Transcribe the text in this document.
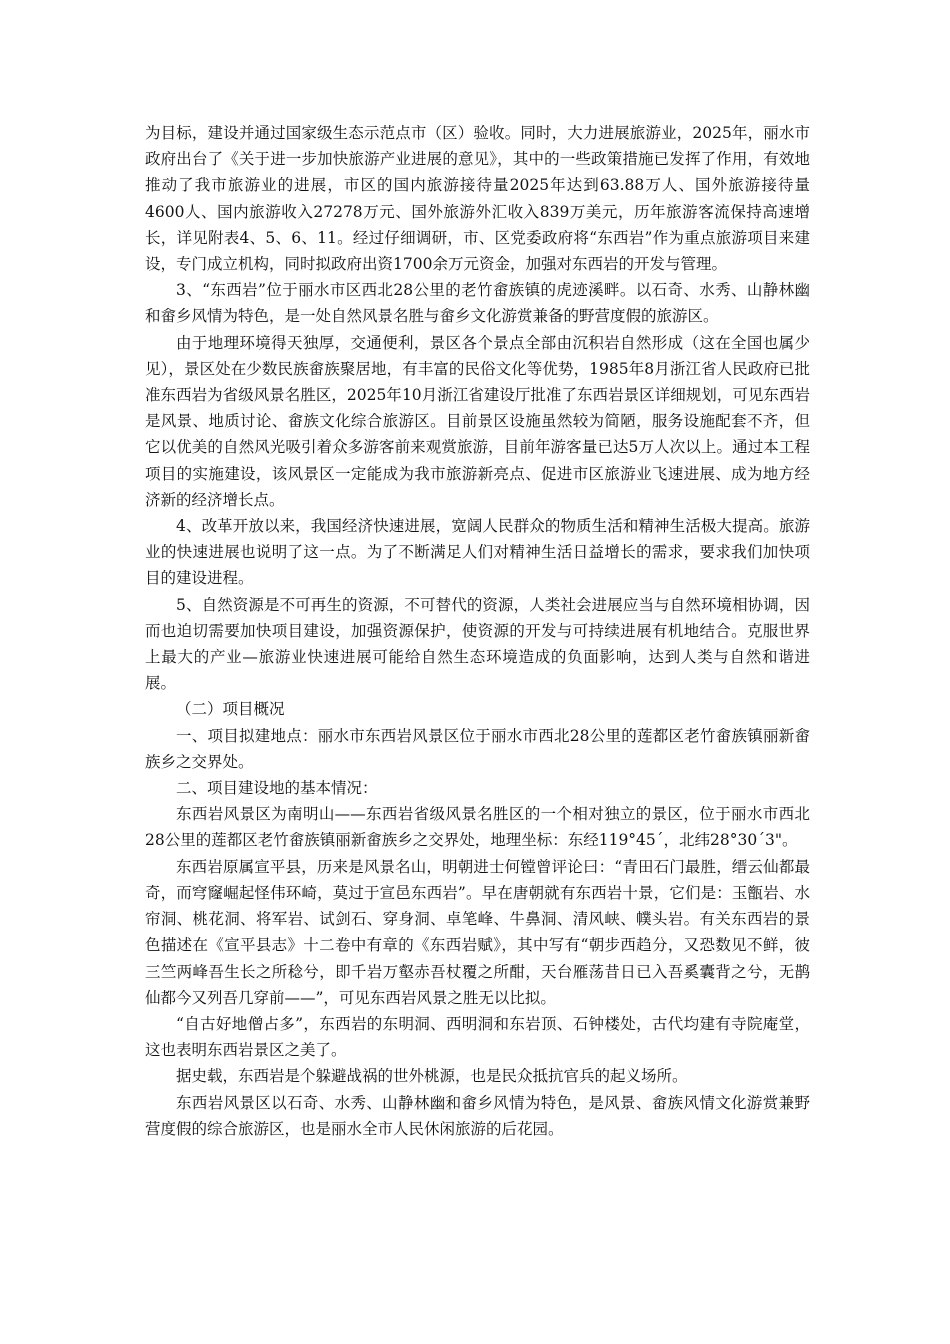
为目标，建设并通过国家级生态示范点市（区）验收。同时，大力进展旅游业，2025年，丽水市政府出台了《关于进一步加快旅游产业进展的意见》，其中的一些政策措施已发挥了作用，有效地推动了我市旅游业的进展，市区的国内旅游接待量2025年达到63.88万人、国外旅游接待量4600人、国内旅游收入27278万元、国外旅游外汇收入839万美元，历年旅游客流保持高速增长，详见附表4、5、6、11。经过仔细调研，市、区党委政府将“东西岩”作为重点旅游项目来建设，专门成立机构，同时拟政府出资1700余万元资金，加强对东西岩的开发与管理。

3、“东西岩”位于丽水市区西北28公里的老竹畲族镇的虎迹溪畔。以石奇、水秀、山静林幽和畲乡风情为特色，是一处自然风景名胜与畲乡文化游赏兼备的野营度假的旅游区。

由于地理环境得天独厚，交通便利，景区各个景点全部由沉积岩自然形成（这在全国也属少见），景区处在少数民族畲族聚居地，有丰富的民俗文化等优势，1985年8月浙江省人民政府已批准东西岩为省级风景名胜区，2025年10月浙江省建设厅批准了东西岩景区详细规划，可见东西岩是风景、地质讨论、畲族文化综合旅游区。目前景区设施虽然较为简陋，服务设施配套不齐，但它以优美的自然风光吸引着众多游客前来观赏旅游，目前年游客量已达5万人次以上。通过本工程项目的实施建设，该风景区一定能成为我市旅游新亮点、促进市区旅游业飞速进展、成为地方经济新的经济增长点。

4、改革开放以来，我国经济快速进展，宽阔人民群众的物质生活和精神生活极大提高。旅游业的快速进展也说明了这一点。为了不断满足人们对精神生活日益增长的需求，要求我们加快项目的建设进程。

5、自然资源是不可再生的资源，不可替代的资源，人类社会进展应当与自然环境相协调，因而也迫切需要加快项目建设，加强资源保护，使资源的开发与可持续进展有机地结合。克服世界上最大的产业—旅游业快速进展可能给自然生态环境造成的负面影响，达到人类与自然和谐进展。

（二）项目概况

一、项目拟建地点：丽水市东西岩风景区位于丽水市西北28公里的莲都区老竹畲族镇丽新畲族乡之交界处。

二、项目建设地的基本情况：

东西岩风景区为南明山——东西岩省级风景名胜区的一个相对独立的景区，位于丽水市西北28公里的莲都区老竹畲族镇丽新畲族乡之交界处，地理坐标：东经119°45´，北纬28°30´3"。

东西岩原属宣平县，历来是风景名山，明朝进士何镗曾评论曰：“青田石门最胜，缙云仙都最奇，而穹窿崛起怪伟环崎，莫过于宣邑东西岩”。早在唐朝就有东西岩十景，它们是：玉甑岩、水帘洞、桃花洞、将军岩、试剑石、穿身洞、卓笔峰、牛鼻洞、清风峡、幞头岩。有关东西岩的景色描述在《宣平县志》十二卷中有章的《东西岩赋》，其中写有“朝步西趋分，又恐数见不鲜，彼三竺两峰吾生长之所稔兮，即千岩万壑赤吾杖覆之所酣，天台雁荡昔日已入吾奚囊背之兮，无鹊仙都今又列吾几穿前——”，可见东西岩风景之胜无以比拟。

“自古好地僧占多”，东西岩的东明洞、西明洞和东岩顶、石钟楼处，古代均建有寺院庵堂，这也表明东西岩景区之美了。

据史载，东西岩是个躲避战祸的世外桃源，也是民众抵抗官兵的起义场所。

东西岩风景区以石奇、水秀、山静林幽和畲乡风情为特色，是风景、畲族风情文化游赏兼野营度假的综合旅游区，也是丽水全市人民休闲旅游的后花园。
